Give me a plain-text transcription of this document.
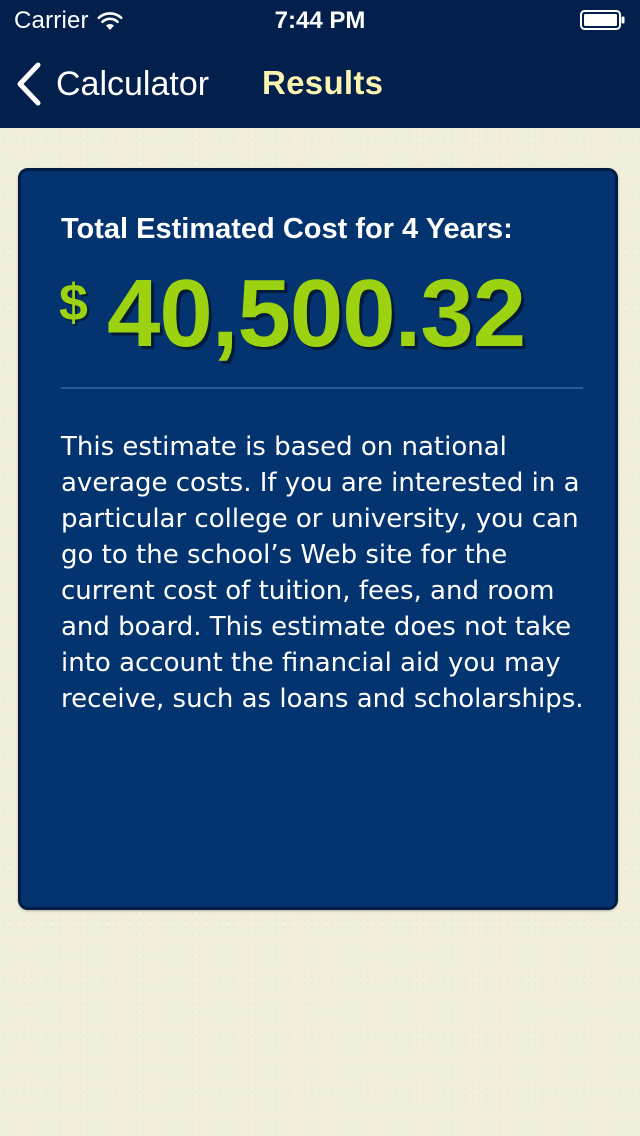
Carrier	7:44 PM
Calculator Results
Total Estimated Cost for 4 Years:
$ 40,500.32
This estimate is based on national average costs. If you are interested in a particular college or university, you can go to the school’s Web site for the current cost of tuition, fees, and room and board. This estimate does not take into account the financial aid you may receive, such as loans and scholarships.
